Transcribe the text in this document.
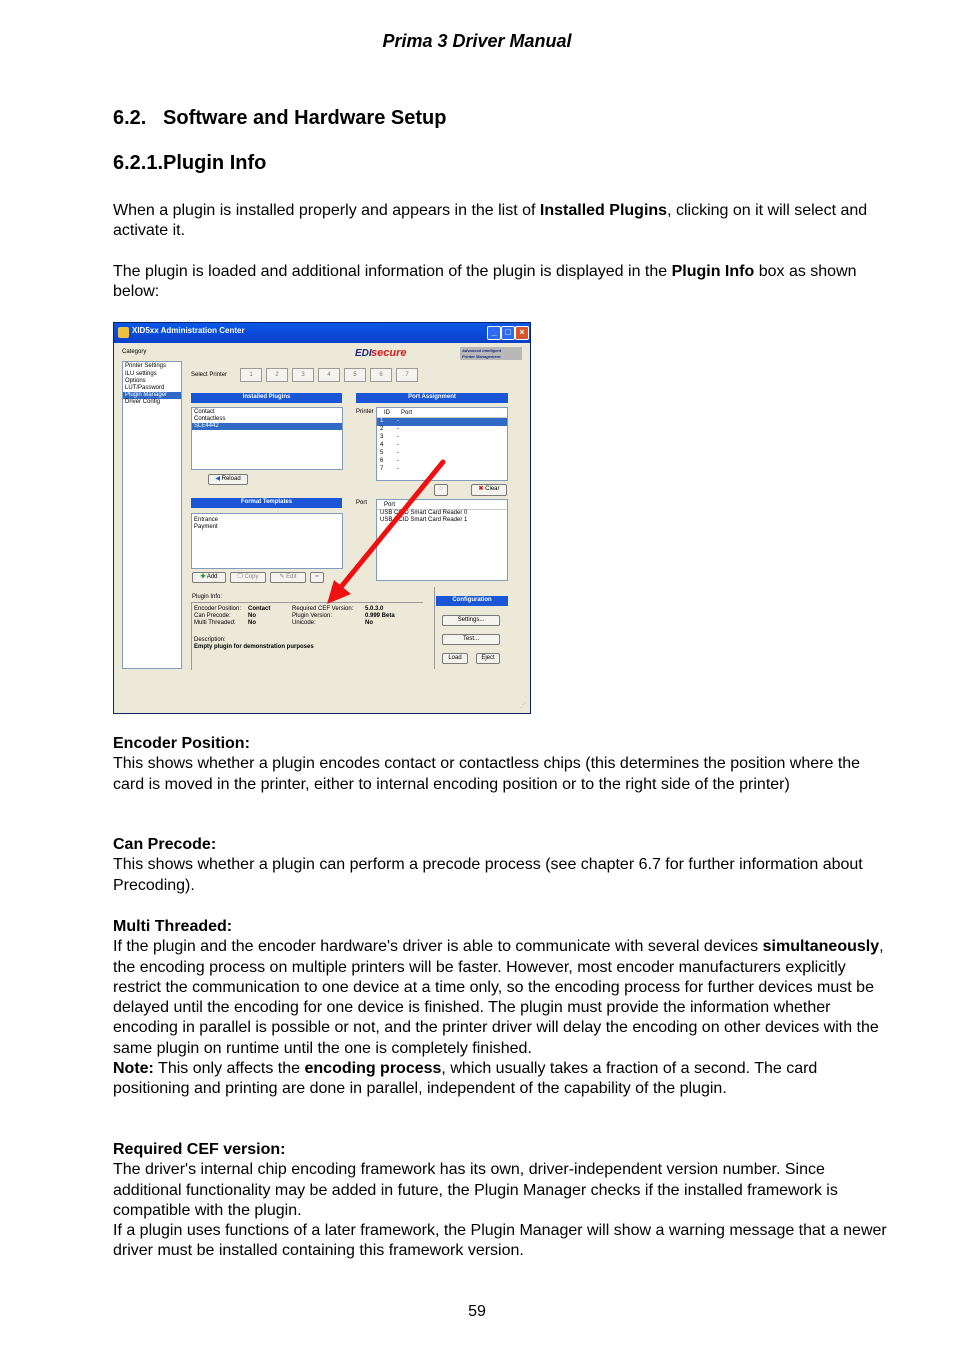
Prima 3 Driver Manual
6.2.   Software and Hardware Setup
6.2.1.Plugin Info
When a plugin is installed properly and appears in the list of Installed Plugins, clicking on it will select and activate it.
The plugin is loaded and additional information of the plugin is displayed in the Plugin Info box as shown below:
XID5xx Administration Center	_ □ ×
Category
Printer Settings
ILU settings
Options
LUT/Password
Plugin Manager
Driver Config
EDI secure	Advanced Intelligent
Printer Management
Select Printer	1	2	3	4	5	6	7
Installed Plugins
Contact
Contactless
SLE4442
◀ Reload
Port Assignment
Printer ID Port
1 -
2 -
3 -
4 -
5 -
6 -
7 -
◌	✖ Clear
Port	Port
USB CCID Smart Card Reader 0
USB CCID Smart Card Reader 1
Format Templates
Entrance
Payment
✚ Add	❐ Copy	✎ Edit	━
Plugin Info:
Encoder Position: Contact
Can Precode:	No
Multi Threaded: No
Required CEF Version: 5.0.3.0
Plugin Version:	0.999 Beta
Unicode:	No
Description:
Empty plugin for demonstration purposes
Configuration
Settings...
Test...
Load	Eject
⋰
Encoder Position:
This shows whether a plugin encodes contact or contactless chips (this determines the position where the card is moved in the printer, either to internal encoding position or to the right side of the printer)
Can Precode:
This shows whether a plugin can perform a precode process (see chapter 6.7 for further information about Precoding).
Multi Threaded:
If the plugin and the encoder hardware's driver is able to communicate with several devices simultaneously, the encoding process on multiple printers will be faster. However, most encoder manufacturers explicitly restrict the communication to one device at a time only, so the encoding process for further devices must be delayed until the encoding for one device is finished. The plugin must provide the information whether encoding in parallel is possible or not, and the printer driver will delay the encoding on other devices with the same plugin on runtime until the one is completely finished.
Note: This only affects the encoding process, which usually takes a fraction of a second. The card positioning and printing are done in parallel, independent of the capability of the plugin.
Required CEF version:
The driver's internal chip encoding framework has its own, driver-independent version number. Since additional functionality may be added in future, the Plugin Manager checks if the installed framework is compatible with the plugin.
If a plugin uses functions of a later framework, the Plugin Manager will show a warning message that a newer driver must be installed containing this framework version.
59
